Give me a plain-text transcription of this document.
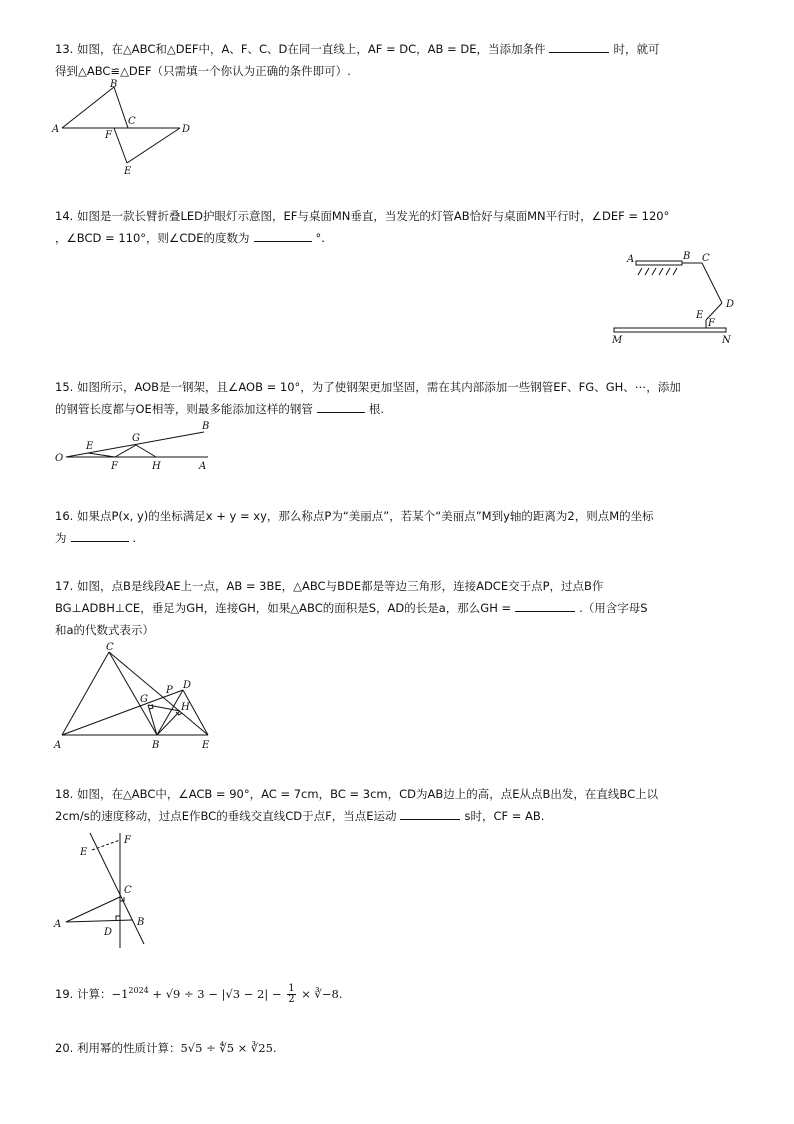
13. 如图，在△ABC和△DEF中，A、F、C、D在同一直线上，AF = DC，AB = DE，当添加条件	时，就可
得到△ABC≌△DEF（只需填一个你认为正确的条件即可）.
A
B
C
D
F
E
14. 如图是一款长臂折叠LED护眼灯示意图，EF与桌面MN垂直，当发光的灯管AB恰好与桌面MN平行时，∠DEF = 120°
，∠BCD = 110°，则∠CDE的度数为	°.
A	B C
D
E
F
M	N
15. 如图所示，AOB是一钢架，且∠AOB = 10°，为了使钢架更加坚固，需在其内部添加一些钢管EF、FG、GH、⋯，添加
的钢管长度都与OE相等，则最多能添加这样的钢管	根.
O
E
G
B
F	H	A
16. 如果点P(x, y)的坐标满足x + y = xy，那么称点P为“美丽点”，若某个“美丽点”M到y轴的距离为2，则点M的坐标
为	.
17. 如图，点B是线段AE上一点，AB = 3BE，△ABC与BDE都是等边三角形，连接ADCE交于点P，过点B作
BG⊥ADBH⊥CE，垂足为GH，连接GH，如果△ABC的面积是S，AD的长是a，那么GH =	.（用含字母S
和a的代数式表示）
C
G
P D
H
A	B	E
18. 如图，在△ABC中，∠ACB = 90°，AC = 7cm，BC = 3cm，CD为AB边上的高，点E从点B出发，在直线BC上以
2cm/s的速度移动，过点E作BC的垂线交直线CD于点F，当点E运动	s时，CF = AB.
F
E
C
A	B
D
19. 计算：$-1^{2024} + √9 \div 3 - |√3 - 2| - \frac{1}{2}$ × ∛−8.
20. 利用幂的性质计算：5√5 ÷ ∜5 × ∛25.
